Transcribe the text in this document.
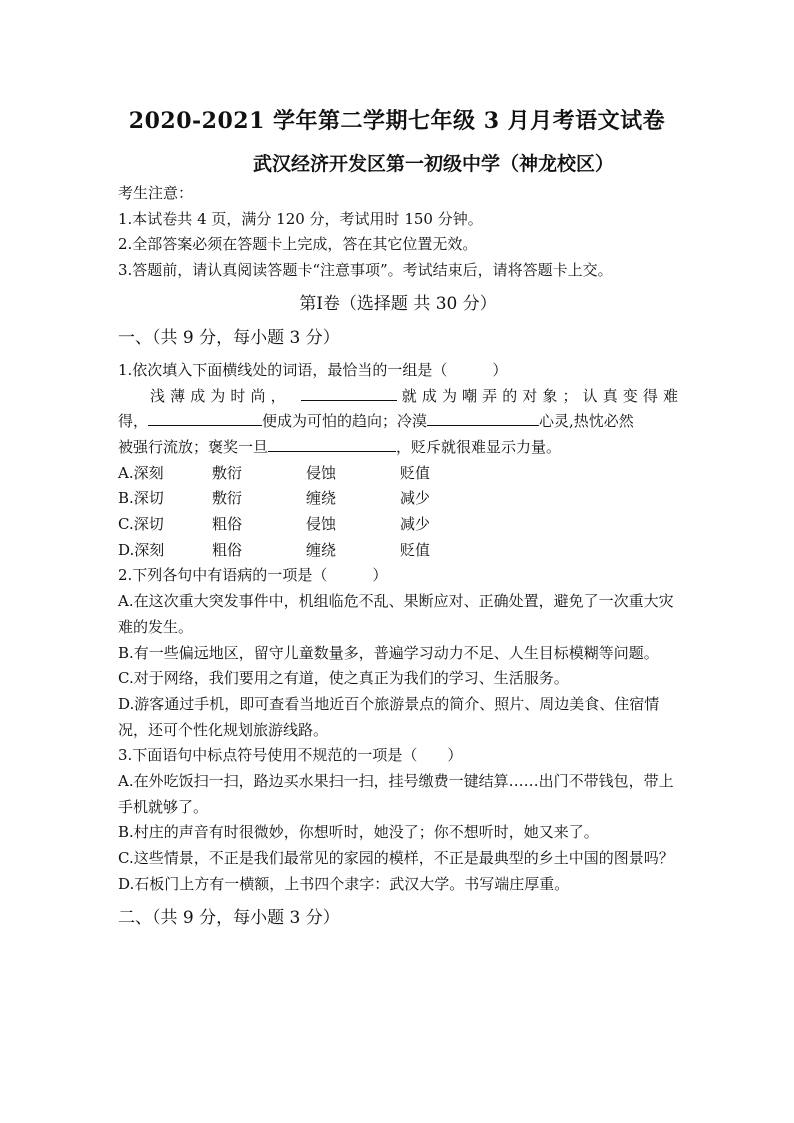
2020-2021 学年第二学期七年级 3 月月考语文试卷
武汉经济开发区第一初级中学（神龙校区）
考生注意：
1.本试卷共 4 页，满分 120 分，考试用时 150 分钟。
2.全部答案必须在答题卡上完成，答在其它位置无效。
3.答题前，请认真阅读答题卡“注意事项”。考试结束后，请将答题卡上交。
第Ⅰ卷（选择题 共 30 分）
一、（共 9 分，每小题 3 分）
1.依次填入下面横线处的词语，最恰当的一组是（　　　）
浅薄成为时尚，	就成为嘲弄的对象；认真变得难
得，	便成为可怕的趋向；冷漠	心灵,热忱必然
被强行流放；褒奖一旦	，贬斥就很难显示力量。
A.深刻	敷衍	侵蚀	贬值
B.深切	敷衍	缠绕	减少
C.深切	粗俗	侵蚀	减少
D.深刻	粗俗	缠绕	贬值
2.下列各句中有语病的一项是（　　　）
A.在这次重大突发事件中，机组临危不乱、果断应对、正确处置，避免了一次重大灾难的发生。
B.有一些偏远地区，留守儿童数量多，普遍学习动力不足、人生目标模糊等问题。
C.对于网络，我们要用之有道，使之真正为我们的学习、生活服务。
D.游客通过手机，即可查看当地近百个旅游景点的简介、照片、周边美食、住宿情况，还可个性化规划旅游线路。
3.下面语句中标点符号使用不规范的一项是（　　）
A.在外吃饭扫一扫，路边买水果扫一扫，挂号缴费一键结算……出门不带钱包，带上手机就够了。
B.村庄的声音有时很微妙，你想听时，她没了；你不想听时，她又来了。
C.这些情景，不正是我们最常见的家园的模样，不正是最典型的乡土中国的图景吗？
D.石板门上方有一横额，上书四个隶字：武汉大学。书写端庄厚重。
二、（共 9 分，每小题 3 分）
